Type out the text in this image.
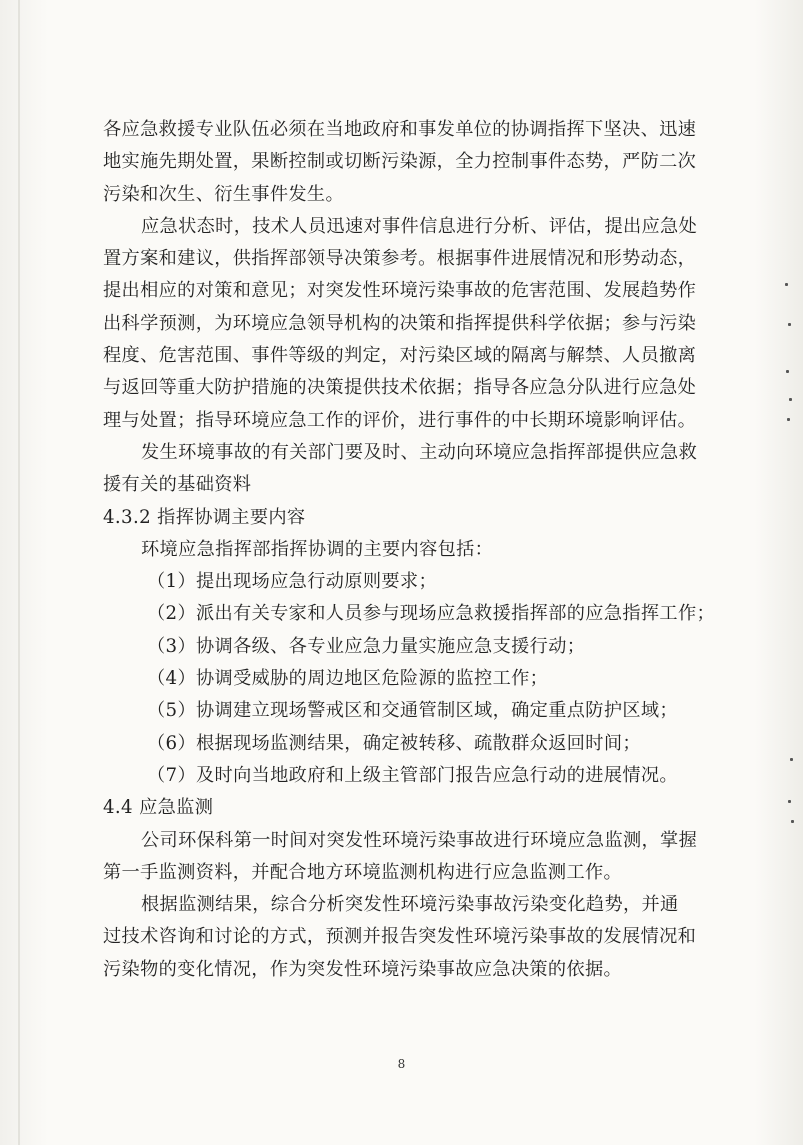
各应急救援专业队伍必须在当地政府和事发单位的协调指挥下坚决、迅速
地实施先期处置，果断控制或切断污染源，全力控制事件态势，严防二次
污染和次生、衍生事件发生。
应急状态时，技术人员迅速对事件信息进行分析、评估，提出应急处
置方案和建议，供指挥部领导决策参考。根据事件进展情况和形势动态，
提出相应的对策和意见；对突发性环境污染事故的危害范围、发展趋势作
出科学预测，为环境应急领导机构的决策和指挥提供科学依据；参与污染
程度、危害范围、事件等级的判定，对污染区域的隔离与解禁、人员撤离
与返回等重大防护措施的决策提供技术依据；指导各应急分队进行应急处
理与处置；指导环境应急工作的评价，进行事件的中长期环境影响评估。
发生环境事故的有关部门要及时、主动向环境应急指挥部提供应急救
援有关的基础资料
4.3.2 指挥协调主要内容
环境应急指挥部指挥协调的主要内容包括：
（1）提出现场应急行动原则要求；
（2）派出有关专家和人员参与现场应急救援指挥部的应急指挥工作；
（3）协调各级、各专业应急力量实施应急支援行动；
（4）协调受威胁的周边地区危险源的监控工作；
（5）协调建立现场警戒区和交通管制区域，确定重点防护区域；
（6）根据现场监测结果，确定被转移、疏散群众返回时间；
（7）及时向当地政府和上级主管部门报告应急行动的进展情况。
4.4 应急监测
公司环保科第一时间对突发性环境污染事故进行环境应急监测，掌握
第一手监测资料，并配合地方环境监测机构进行应急监测工作。
根据监测结果，综合分析突发性环境污染事故污染变化趋势，并通
过技术咨询和讨论的方式，预测并报告突发性环境污染事故的发展情况和
污染物的变化情况，作为突发性环境污染事故应急决策的依据。
8
